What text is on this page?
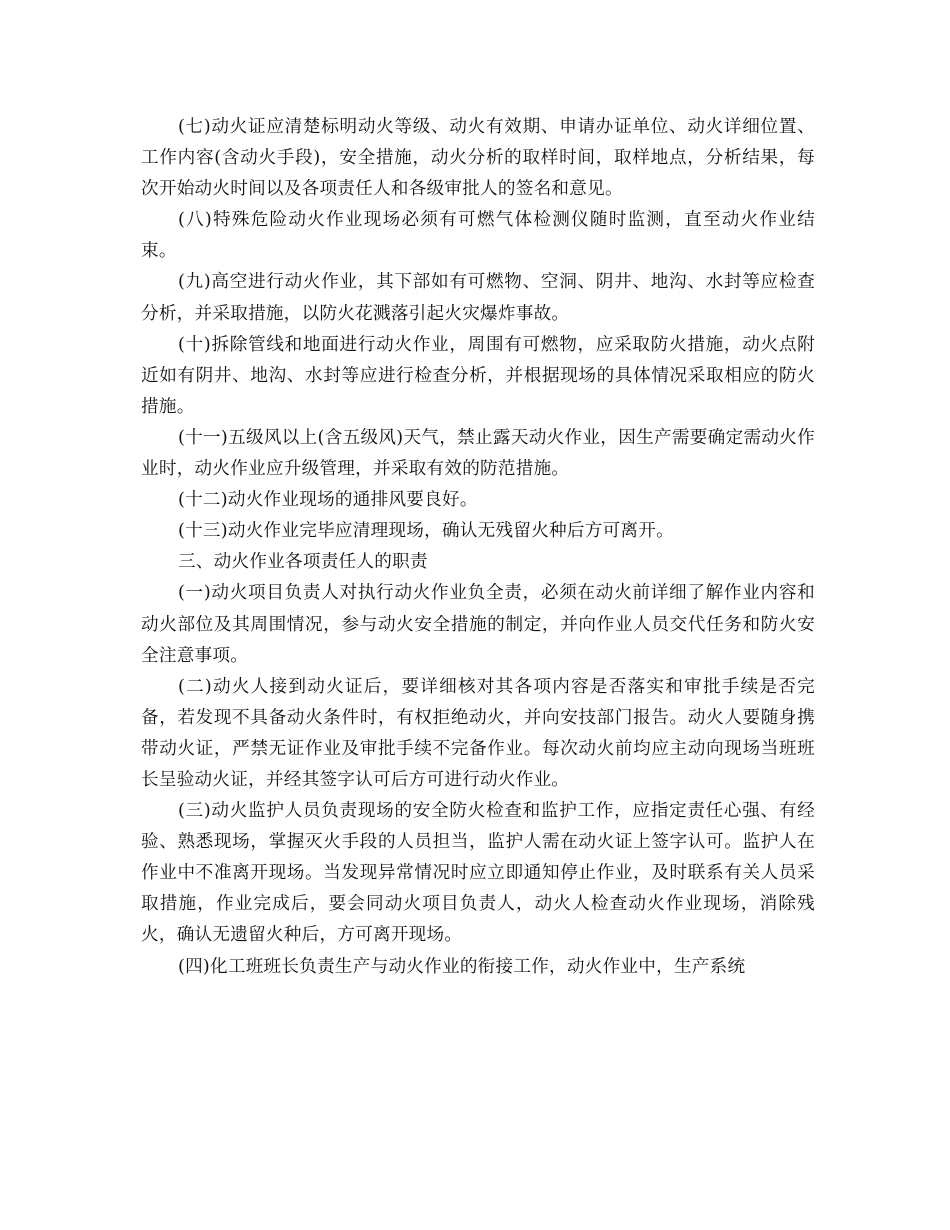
(七)动火证应清楚标明动火等级、动火有效期、申请办证单位、动火详细位置、工作内容(含动火手段)，安全措施，动火分析的取样时间，取样地点，分析结果，每次开始动火时间以及各项责任人和各级审批人的签名和意见。

(八)特殊危险动火作业现场必须有可燃气体检测仪随时监测，直至动火作业结束。

(九)高空进行动火作业，其下部如有可燃物、空洞、阴井、地沟、水封等应检查分析，并采取措施，以防火花溅落引起火灾爆炸事故。

(十)拆除管线和地面进行动火作业，周围有可燃物，应采取防火措施，动火点附近如有阴井、地沟、水封等应进行检查分析，并根据现场的具体情况采取相应的防火措施。

(十一)五级风以上(含五级风)天气，禁止露天动火作业，因生产需要确定需动火作业时，动火作业应升级管理，并采取有效的防范措施。

(十二)动火作业现场的通排风要良好。

(十三)动火作业完毕应清理现场，确认无残留火种后方可离开。

三、动火作业各项责任人的职责

(一)动火项目负责人对执行动火作业负全责，必须在动火前详细了解作业内容和动火部位及其周围情况，参与动火安全措施的制定，并向作业人员交代任务和防火安全注意事项。

(二)动火人接到动火证后，要详细核对其各项内容是否落实和审批手续是否完备，若发现不具备动火条件时，有权拒绝动火，并向安技部门报告。动火人要随身携带动火证，严禁无证作业及审批手续不完备作业。每次动火前均应主动向现场当班班长呈验动火证，并经其签字认可后方可进行动火作业。

(三)动火监护人员负责现场的安全防火检查和监护工作，应指定责任心强、有经验、熟悉现场，掌握灭火手段的人员担当，监护人需在动火证上签字认可。监护人在作业中不准离开现场。当发现异常情况时应立即通知停止作业，及时联系有关人员采取措施，作业完成后，要会同动火项目负责人，动火人检查动火作业现场，消除残火，确认无遗留火种后，方可离开现场。

(四)化工班班长负责生产与动火作业的衔接工作，动火作业中，生产系统
